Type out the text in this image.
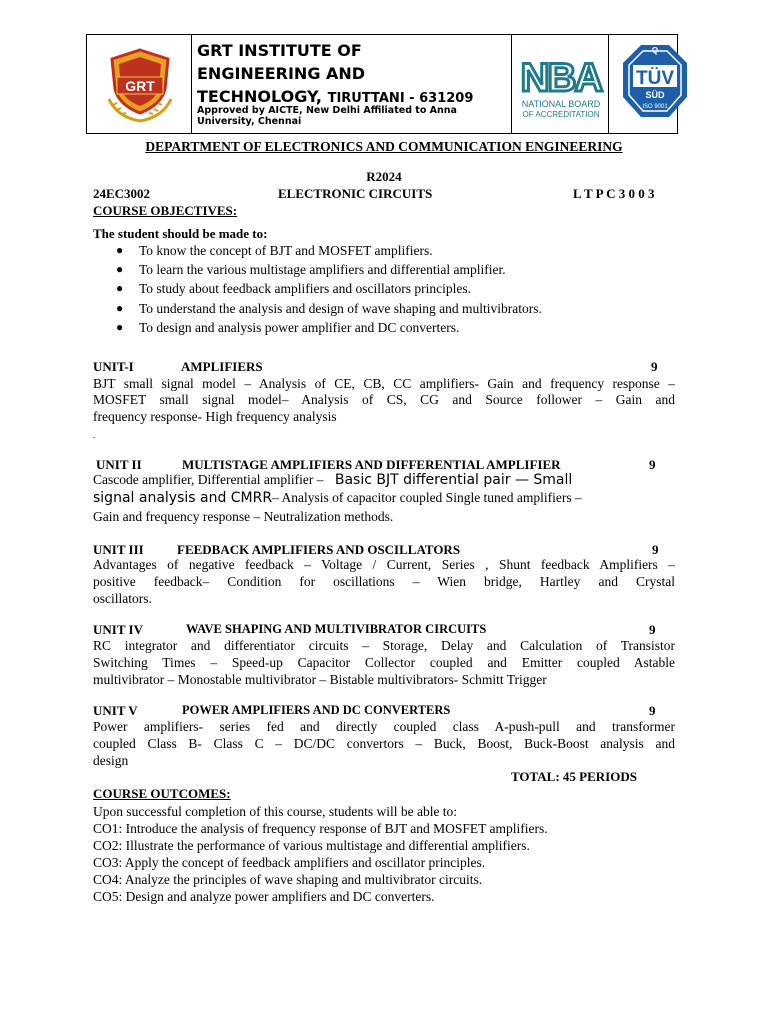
GRT
GRT INSTITUTE OF
ENGINEERING AND
TECHNOLOGY, TIRUTTANI - 631209
Approved by AICTE, New Delhi Affiliated to Anna
University, Chennai
NBA
NATIONAL BOARD
OF ACCREDITATION
Q
TÜV
SÜD
ISO 9001
DEPARTMENT OF ELECTRONICS AND COMMUNICATION ENGINEERING
R2024
24EC3002	ELECTRONIC CIRCUITS	L T P C 3 0 0 3
COURSE OBJECTIVES:
The student should be made to:
● To know the concept of BJT and MOSFET amplifiers.
● To learn the various multistage amplifiers and differential amplifier.
● To study about feedback amplifiers and oscillators principles.
● To understand the analysis and design of wave shaping and multivibrators.
● To design and analysis power amplifier and DC converters.
UNIT-I	AMPLIFIERS	9
BJT small signal model – Analysis of CE, CB, CC amplifiers- Gain and frequency response –
MOSFET small signal model– Analysis of CS, CG and Source follower – Gain and
frequency response- High frequency analysis
.
UNIT II	MULTISTAGE AMPLIFIERS AND DIFFERENTIAL AMPLIFIER	9
Cascode amplifier, Differential amplifier – Basic BJT differential pair — Small
signal analysis and CMRR– Analysis of capacitor coupled Single tuned amplifiers –
Gain and frequency response – Neutralization methods.
UNIT III	FEEDBACK AMPLIFIERS AND OSCILLATORS	9
Advantages of negative feedback – Voltage / Current, Series , Shunt feedback Amplifiers –
positive feedback– Condition for oscillations – Wien bridge, Hartley and Crystal
oscillators.
UNIT IV	WAVE SHAPING AND MULTIVIBRATOR CIRCUITS	9
RC integrator and differentiator circuits – Storage, Delay and Calculation of Transistor
Switching Times – Speed-up Capacitor Collector coupled and Emitter coupled Astable
multivibrator – Monostable multivibrator – Bistable multivibrators- Schmitt Trigger
UNIT V	POWER AMPLIFIERS AND DC CONVERTERS	9
Power amplifiers- series fed and directly coupled class A-push-pull and transformer
coupled Class B- Class C – DC/DC convertors – Buck, Boost, Buck-Boost analysis and
design
TOTAL: 45 PERIODS
COURSE OUTCOMES:
Upon successful completion of this course, students will be able to:
CO1: Introduce the analysis of frequency response of BJT and MOSFET amplifiers.
CO2: Illustrate the performance of various multistage and differential amplifiers.
CO3: Apply the concept of feedback amplifiers and oscillator principles.
CO4: Analyze the principles of wave shaping and multivibrator circuits.
CO5: Design and analyze power amplifiers and DC converters.
